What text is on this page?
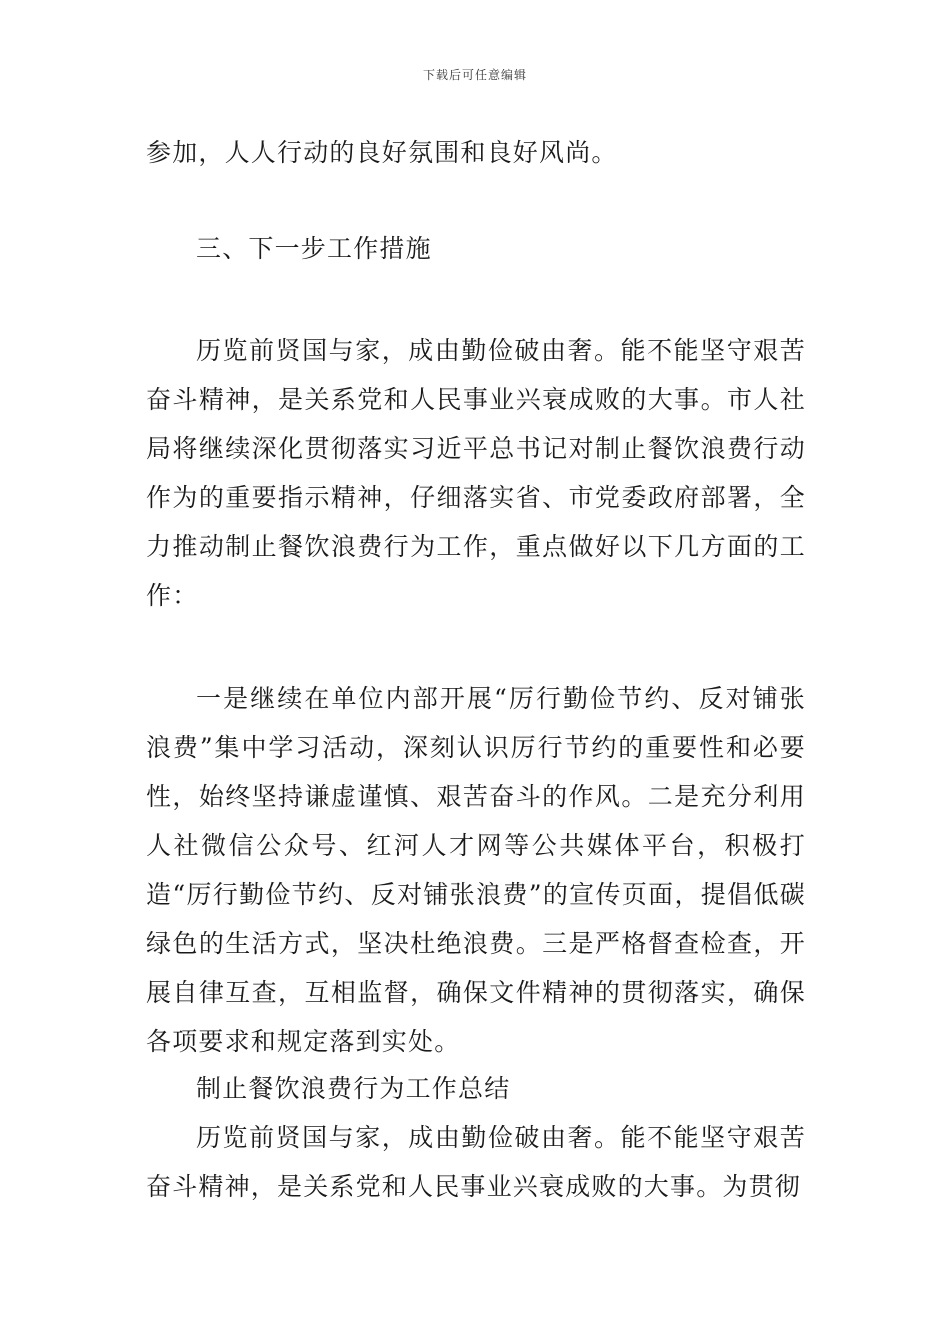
下载后可任意编辑

参加，人人行动的良好氛围和良好风尚。

三、下一步工作措施

历览前贤国与家，成由勤俭破由奢。能不能坚守艰苦奋斗精神，是关系党和人民事业兴衰成败的大事。市人社局将继续深化贯彻落实习近平总书记对制止餐饮浪费行动作为的重要指示精神，仔细落实省、市党委政府部署，全力推动制止餐饮浪费行为工作，重点做好以下几方面的工作：

一是继续在单位内部开展“厉行勤俭节约、反对铺张浪费”集中学习活动，深刻认识厉行节约的重要性和必要性，始终坚持谦虚谨慎、艰苦奋斗的作风。二是充分利用人社微信公众号、红河人才网等公共媒体平台，积极打造“厉行勤俭节约、反对铺张浪费”的宣传页面，提倡低碳绿色的生活方式，坚决杜绝浪费。三是严格督查检查，开展自律互查，互相监督，确保文件精神的贯彻落实，确保各项要求和规定落到实处。

制止餐饮浪费行为工作总结

历览前贤国与家，成由勤俭破由奢。能不能坚守艰苦奋斗精神，是关系党和人民事业兴衰成败的大事。为贯彻
